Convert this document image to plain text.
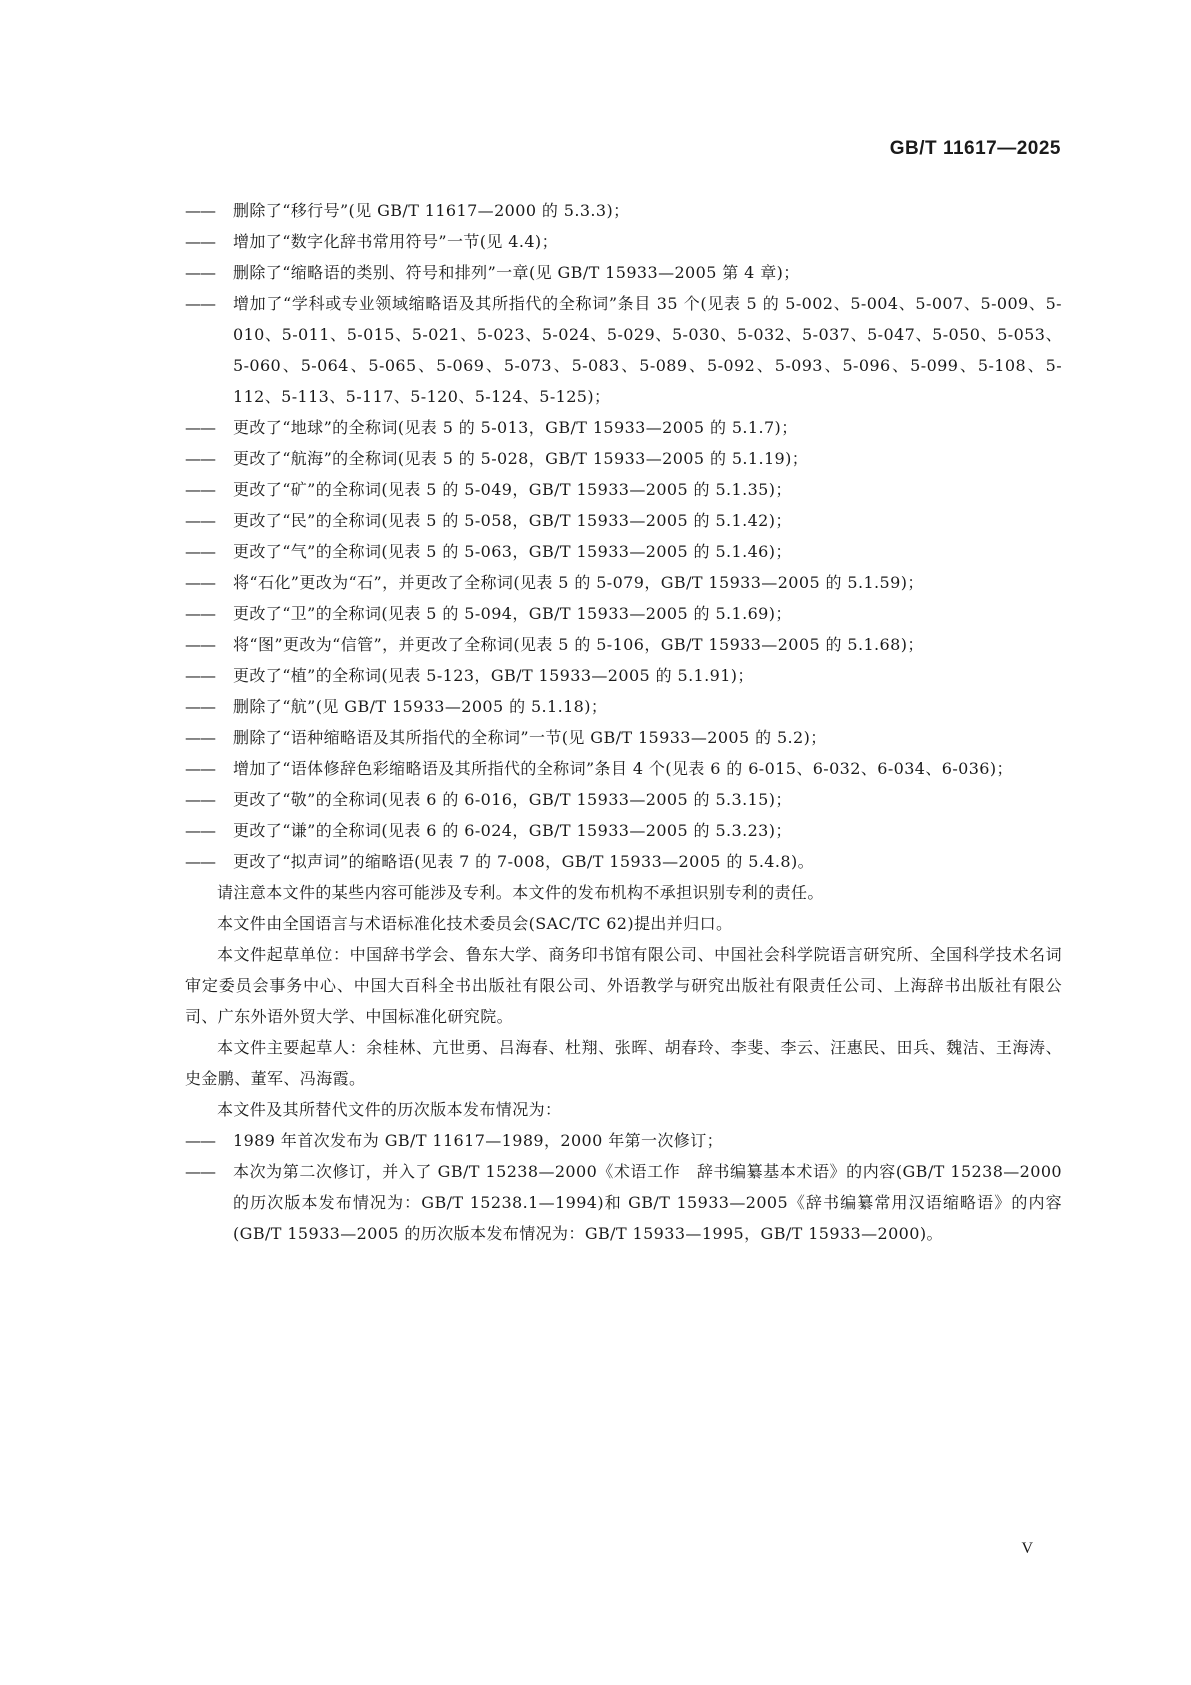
GB/T 11617—2025
—— 删除了“移行号”(见 GB/T 11617—2000 的 5.3.3)；
—— 增加了“数字化辞书常用符号”一节(见 4.4)；
—— 删除了“缩略语的类别、符号和排列”一章(见 GB/T 15933—2005 第 4 章)；
—— 增加了“学科或专业领域缩略语及其所指代的全称词”条目 35 个(见表 5 的 5-002、5-004、5-007、5-009、5-010、5-011、5-015、5-021、5-023、5-024、5-029、5-030、5-032、5-037、5-047、5-050、5-053、5-060、5-064、5-065、5-069、5-073、5-083、5-089、5-092、5-093、5-096、5-099、5-108、5-112、5-113、5-117、5-120、5-124、5-125)；
—— 更改了“地球”的全称词(见表 5 的 5-013，GB/T 15933—2005 的 5.1.7)；
—— 更改了“航海”的全称词(见表 5 的 5-028，GB/T 15933—2005 的 5.1.19)；
—— 更改了“矿”的全称词(见表 5 的 5-049，GB/T 15933—2005 的 5.1.35)；
—— 更改了“民”的全称词(见表 5 的 5-058，GB/T 15933—2005 的 5.1.42)；
—— 更改了“气”的全称词(见表 5 的 5-063，GB/T 15933—2005 的 5.1.46)；
—— 将“石化”更改为“石”，并更改了全称词(见表 5 的 5-079，GB/T 15933—2005 的 5.1.59)；
—— 更改了“卫”的全称词(见表 5 的 5-094，GB/T 15933—2005 的 5.1.69)；
—— 将“图”更改为“信管”，并更改了全称词(见表 5 的 5-106，GB/T 15933—2005 的 5.1.68)；
—— 更改了“植”的全称词(见表 5-123，GB/T 15933—2005 的 5.1.91)；
—— 删除了“航”(见 GB/T 15933—2005 的 5.1.18)；
—— 删除了“语种缩略语及其所指代的全称词”一节(见 GB/T 15933—2005 的 5.2)；
—— 增加了“语体修辞色彩缩略语及其所指代的全称词”条目 4 个(见表 6 的 6-015、6-032、6-034、6-036)；
—— 更改了“敬”的全称词(见表 6 的 6-016，GB/T 15933—2005 的 5.3.15)；
—— 更改了“谦”的全称词(见表 6 的 6-024，GB/T 15933—2005 的 5.3.23)；
—— 更改了“拟声词”的缩略语(见表 7 的 7-008，GB/T 15933—2005 的 5.4.8)。
请注意本文件的某些内容可能涉及专利。本文件的发布机构不承担识别专利的责任。
本文件由全国语言与术语标准化技术委员会(SAC/TC 62)提出并归口。
本文件起草单位：中国辞书学会、鲁东大学、商务印书馆有限公司、中国社会科学院语言研究所、全国科学技术名词审定委员会事务中心、中国大百科全书出版社有限公司、外语教学与研究出版社有限责任公司、上海辞书出版社有限公司、广东外语外贸大学、中国标准化研究院。
本文件主要起草人：余桂林、亢世勇、吕海春、杜翔、张晖、胡春玲、李斐、李云、汪惠民、田兵、魏洁、王海涛、史金鹏、董军、冯海霞。
本文件及其所替代文件的历次版本发布情况为：
—— 1989 年首次发布为 GB/T 11617—1989，2000 年第一次修订；
—— 本次为第二次修订，并入了 GB/T 15238—2000《术语工作　辞书编纂基本术语》的内容(GB/T 15238—2000 的历次版本发布情况为：GB/T 15238.1—1994)和 GB/T 15933—2005《辞书编纂常用汉语缩略语》的内容(GB/T 15933—2005 的历次版本发布情况为：GB/T 15933—1995，GB/T 15933—2000)。
V
